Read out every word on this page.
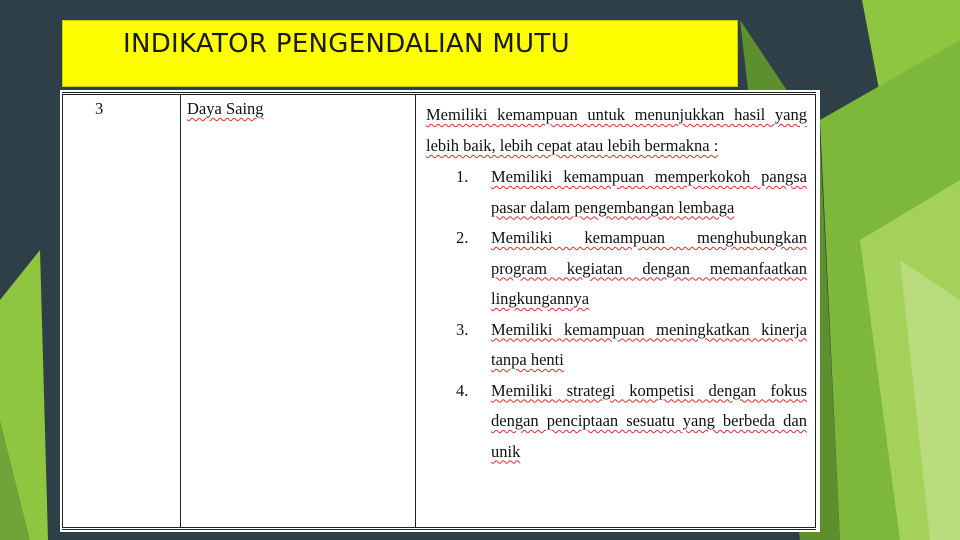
INDIKATOR PENGENDALIAN MUTU
3	Daya Saing	Memiliki kemampuan untuk menunjukkan hasil yang lebih baik, lebih cepat atau lebih bermakna :

1. Memiliki kemampuan memperkokoh pangsa pasar dalam pengembangan lembaga
2. Memiliki kemampuan menghubungkan program kegiatan dengan memanfaatkan lingkungannya
3. Memiliki kemampuan meningkatkan kinerja tanpa henti
4. Memiliki strategi kompetisi dengan fokus dengan penciptaan sesuatu yang berbeda dan unik
